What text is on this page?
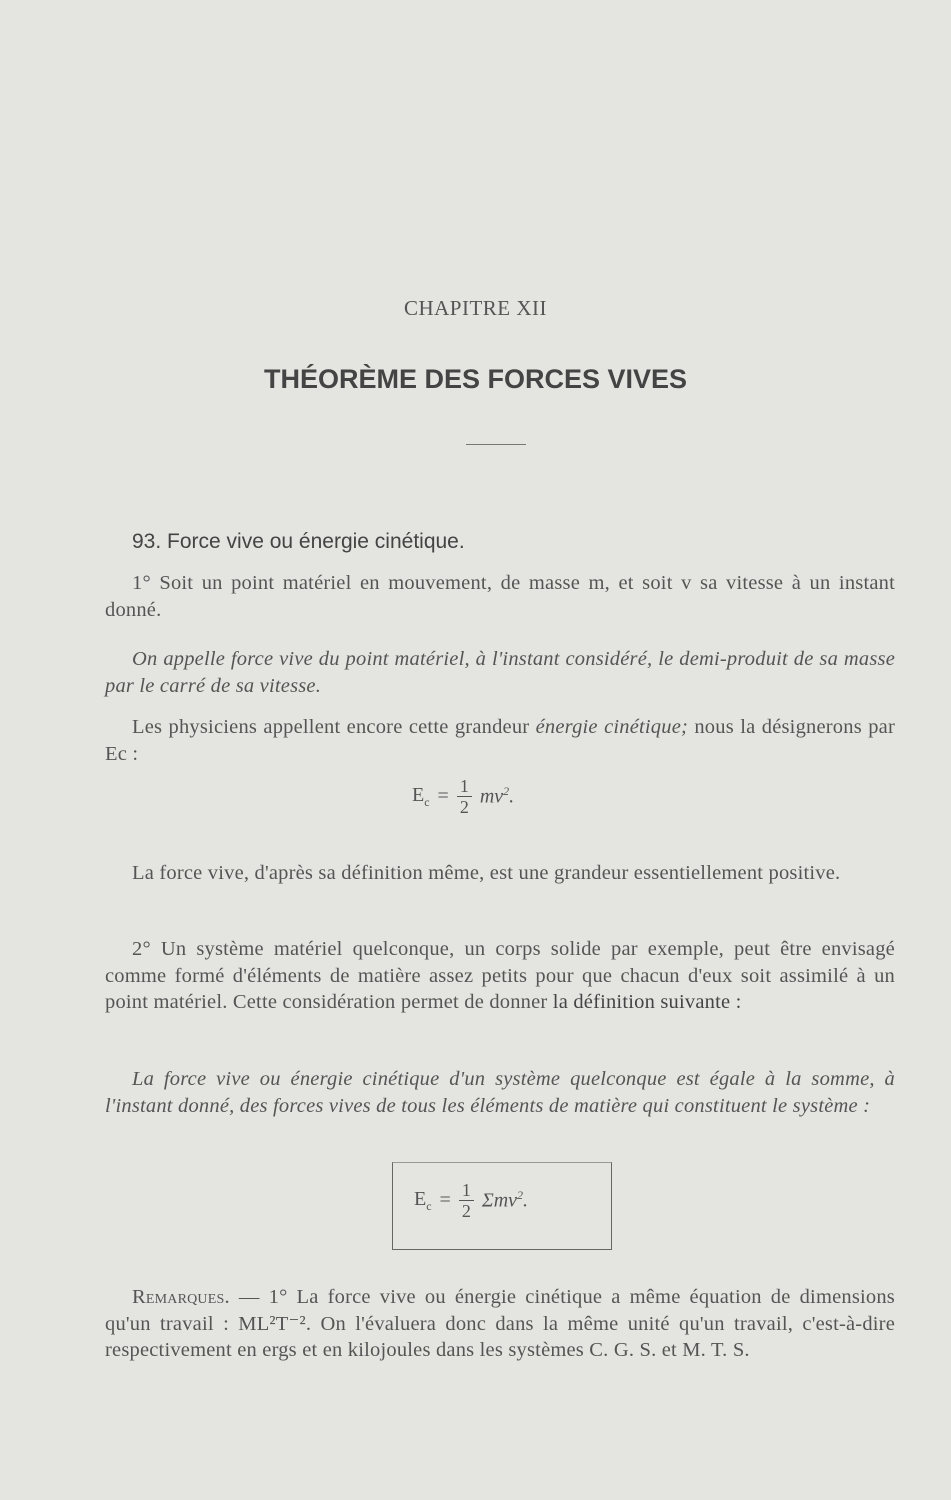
CHAPITRE XII
THÉORÈME DES FORCES VIVES
93. Force vive ou énergie cinétique.
1° Soit un point matériel en mouvement, de masse m, et soit v sa vitesse à un instant donné.
On appelle force vive du point matériel, à l'instant considéré, le demi-produit de sa masse par le carré de sa vitesse.
Les physiciens appellent encore cette grandeur énergie cinétique; nous la désignerons par Ec :
$E_c = \frac{1}{2} mv^2$.
La force vive, d'après sa définition même, est une grandeur essentiellement positive.
2° Un système matériel quelconque, un corps solide par exemple, peut être envisagé comme formé d'éléments de matière assez petits pour que chacun d'eux soit assimilé à un point matériel. Cette considération permet de donner la définition suivante :
La force vive ou énergie cinétique d'un système quelconque est égale à la somme, à l'instant donné, des forces vives de tous les éléments de matière qui constituent le système :
$E_c = \frac{1}{2} \Sigma mv^2$.
Remarques. — 1° La force vive ou énergie cinétique a même équation de dimensions qu'un travail : ML²T⁻². On l'évaluera donc dans la même unité qu'un travail, c'est-à-dire respectivement en ergs et en kilojoules dans les systèmes C. G. S. et M. T. S.
